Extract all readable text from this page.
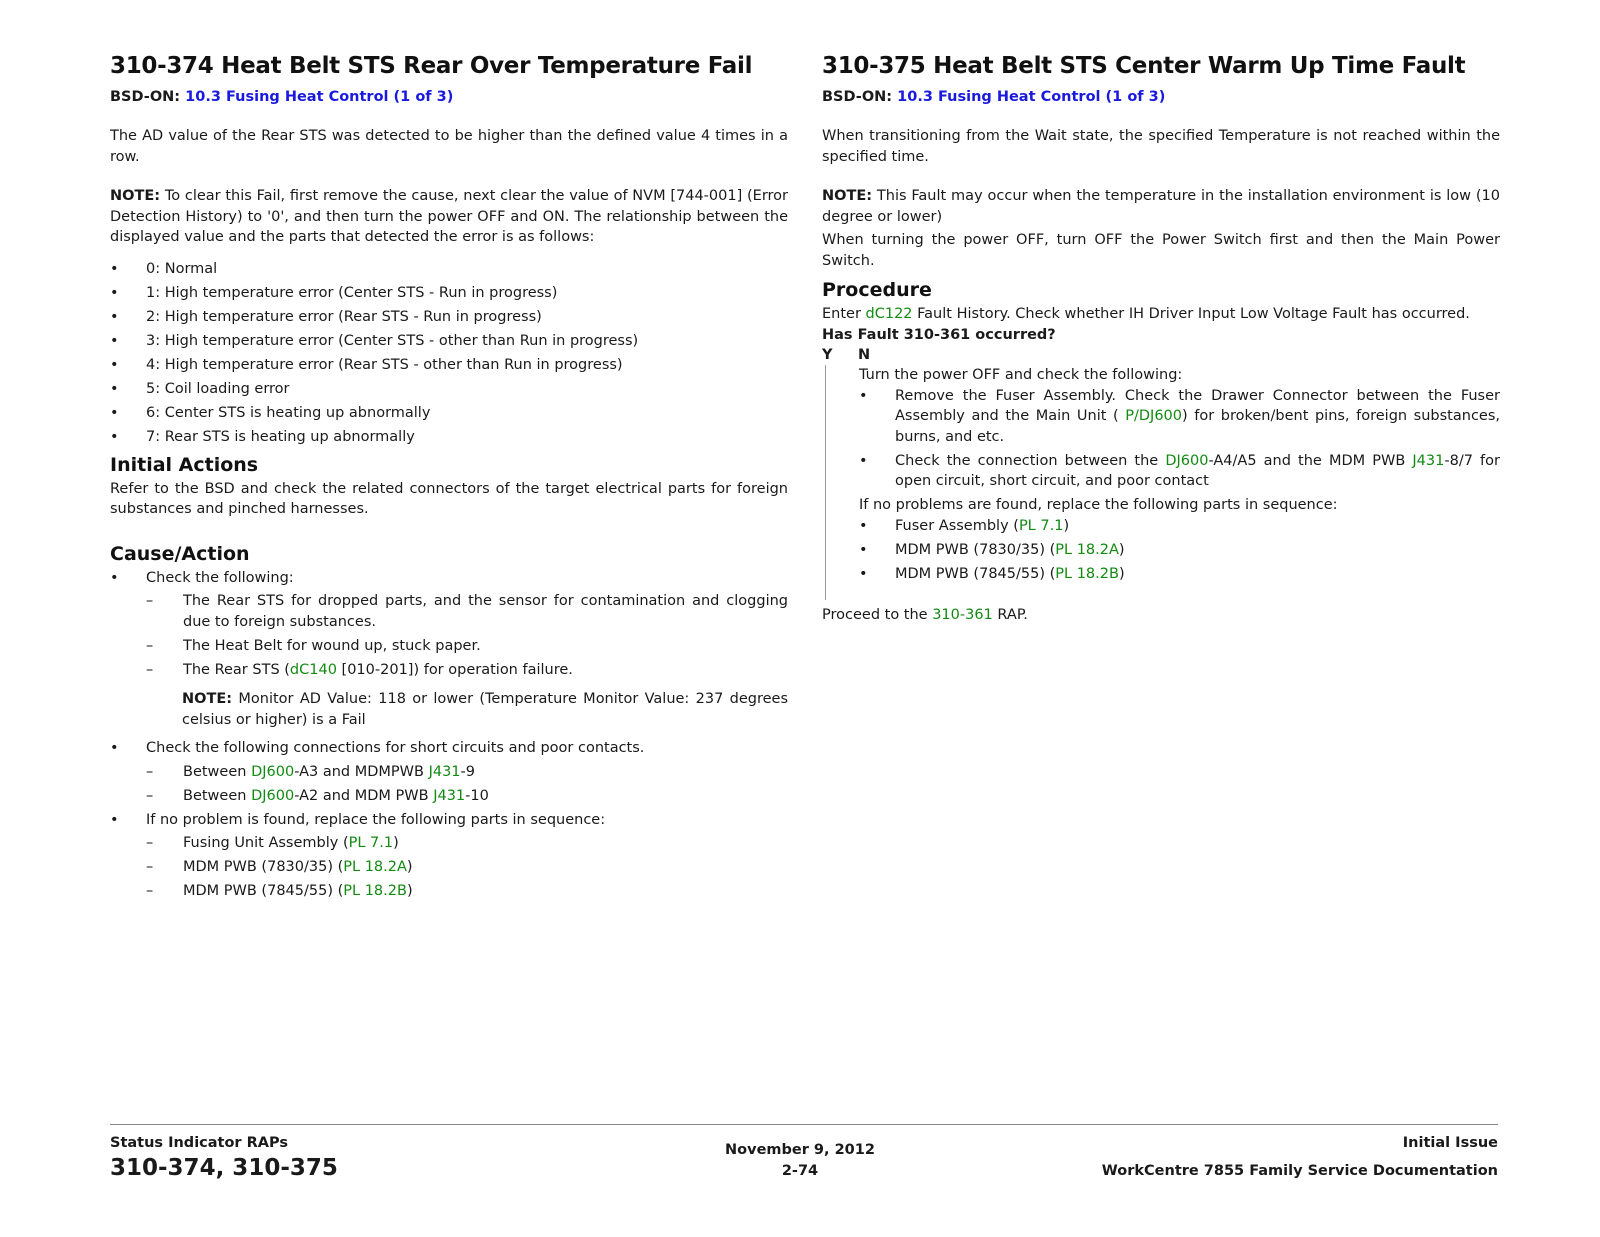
310-374 Heat Belt STS Rear Over Temperature Fail
BSD-ON: 10.3 Fusing Heat Control (1 of 3)

The AD value of the Rear STS was detected to be higher than the defined value 4 times in a row.

NOTE: To clear this Fail, first remove the cause, next clear the value of NVM [744-001] (Error Detection History) to '0', and then turn the power OFF and ON. The relationship between the displayed value and the parts that detected the error is as follows:

• 0: Normal
• 1: High temperature error (Center STS - Run in progress)
• 2: High temperature error (Rear STS - Run in progress)
• 3: High temperature error (Center STS - other than Run in progress)
• 4: High temperature error (Rear STS - other than Run in progress)
• 5: Coil loading error
• 6: Center STS is heating up abnormally
• 7: Rear STS is heating up abnormally
Initial Actions

Refer to the BSD and check the related connectors of the target electrical parts for foreign substances and pinched harnesses.

Cause/Action
• Check the following:
– The Rear STS for dropped parts, and the sensor for contamination and clogging due to foreign substances.
– The Heat Belt for wound up, stuck paper.
– The Rear STS (dC140 [010-201]) for operation failure.

NOTE: Monitor AD Value: 118 or lower (Temperature Monitor Value: 237 degrees celsius or higher) is a Fail

• Check the following connections for short circuits and poor contacts.
– Between DJ600-A3 and MDMPWB J431-9
– Between DJ600-A2 and MDM PWB J431-10
• If no problem is found, replace the following parts in sequence:
– Fusing Unit Assembly (PL 7.1)
– MDM PWB (7830/35) (PL 18.2A)
– MDM PWB (7845/55) (PL 18.2B)
310-375 Heat Belt STS Center Warm Up Time Fault
BSD-ON: 10.3 Fusing Heat Control (1 of 3)

When transitioning from the Wait state, the specified Temperature is not reached within the specified time.

NOTE: This Fault may occur when the temperature in the installation environment is low (10 degree or lower)

When turning the power OFF, turn OFF the Power Switch first and then the Main Power Switch.

Procedure

Enter dC122 Fault History. Check whether IH Driver Input Low Voltage Fault has occurred.

Has Fault 310-361 occurred?

Y N

Turn the power OFF and check the following:

• Remove the Fuser Assembly. Check the Drawer Connector between the Fuser Assembly and the Main Unit ( P/DJ600) for broken/bent pins, foreign substances, burns, and etc.
• Check the connection between the DJ600-A4/A5 and the MDM PWB J431-8/7 for open circuit, short circuit, and poor contact

If no problems are found, replace the following parts in sequence:

• Fuser Assembly (PL 7.1)
• MDM PWB (7830/35) (PL 18.2A)
• MDM PWB (7845/55) (PL 18.2B)

Proceed to the 310-361 RAP.

Status Indicator RAPs
310-374, 310-375
November 9, 2012
2-74
Initial Issue
WorkCentre 7855 Family Service Documentation
